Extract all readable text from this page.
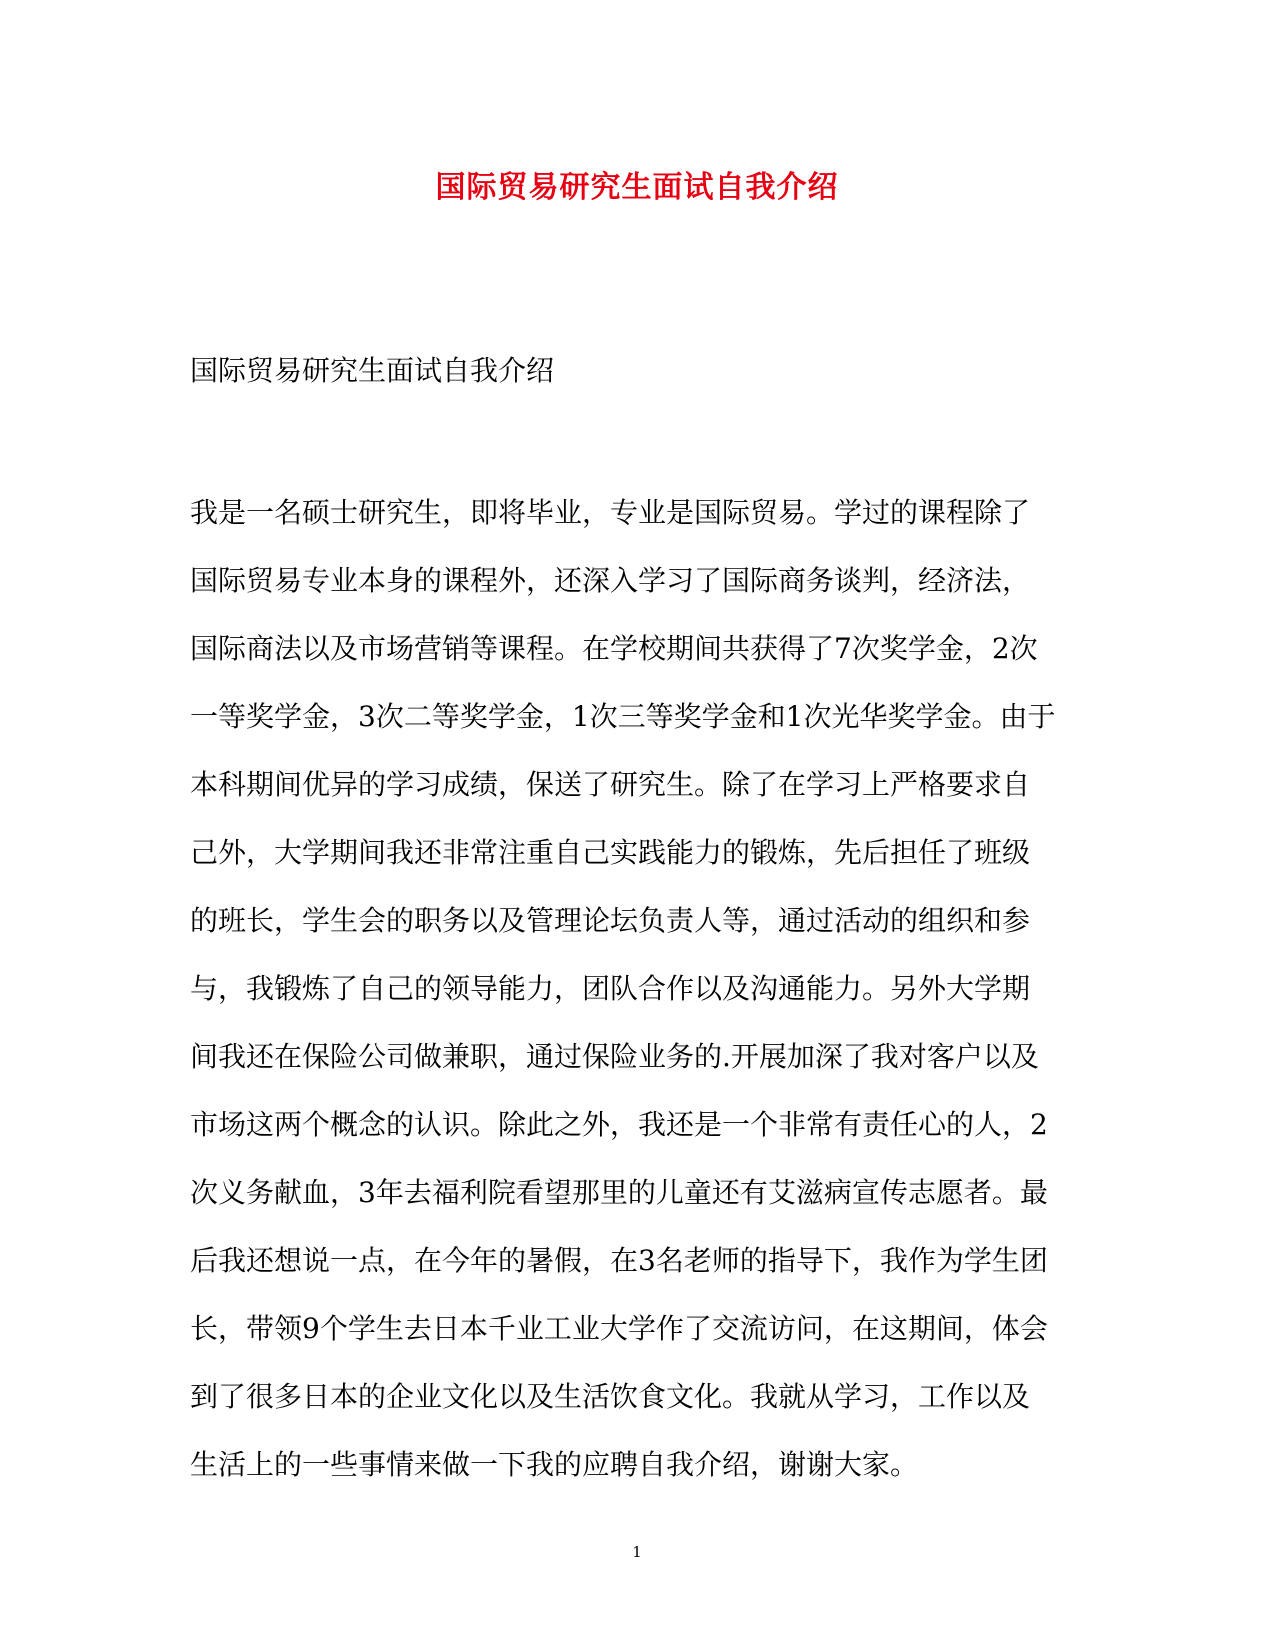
国际贸易研究生面试自我介绍
国际贸易研究生面试自我介绍
我是一名硕士研究生，即将毕业，专业是国际贸易。学过的课程除了
国际贸易专业本身的课程外，还深入学习了国际商务谈判，经济法，
国际商法以及市场营销等课程。在学校期间共获得了7次奖学金，2次
一等奖学金，3次二等奖学金，1次三等奖学金和1次光华奖学金。由于
本科期间优异的学习成绩，保送了研究生。除了在学习上严格要求自
己外，大学期间我还非常注重自己实践能力的锻炼，先后担任了班级
的班长，学生会的职务以及管理论坛负责人等，通过活动的组织和参
与，我锻炼了自己的领导能力，团队合作以及沟通能力。另外大学期
间我还在保险公司做兼职，通过保险业务的.开展加深了我对客户以及
市场这两个概念的认识。除此之外，我还是一个非常有责任心的人，2
次义务献血，3年去福利院看望那里的儿童还有艾滋病宣传志愿者。最
后我还想说一点，在今年的暑假，在3名老师的指导下，我作为学生团
长，带领9个学生去日本千业工业大学作了交流访问，在这期间，体会
到了很多日本的企业文化以及生活饮食文化。我就从学习，工作以及
生活上的一些事情来做一下我的应聘自我介绍，谢谢大家。
1
